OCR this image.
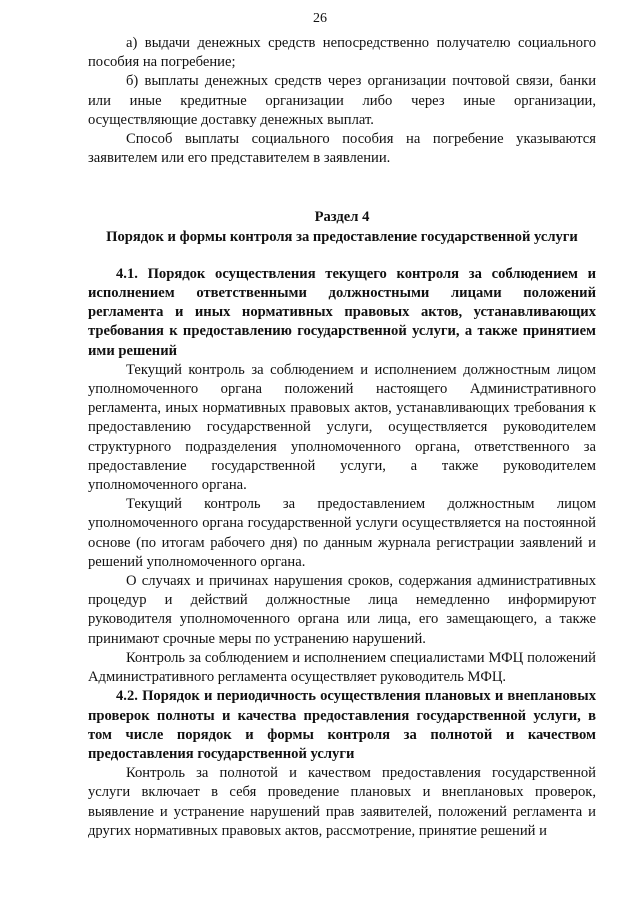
26

а) выдачи денежных средств непосредственно получателю социального пособия на погребение;

б) выплаты денежных средств через организации почтовой связи, банки или иные кредитные организации либо через иные организации, осуществляющие доставку денежных выплат.

Способ выплаты социального пособия на погребение указываются заявителем или его представителем в заявлении.

Раздел 4

Порядок и формы контроля за предоставление государственной услуги

4.1. Порядок осуществления текущего контроля за соблюдением и исполнением ответственными должностными лицами положений регламента и иных нормативных правовых актов, устанавливающих требования к предоставлению государственной услуги, а также принятием ими решений

Текущий контроль за соблюдением и исполнением должностным лицом уполномоченного органа положений настоящего Административного регламента, иных нормативных правовых актов, устанавливающих требования к предоставлению государственной услуги, осуществляется руководителем структурного подразделения уполномоченного органа, ответственного за предоставление государственной услуги, а также руководителем уполномоченного органа.

Текущий контроль за предоставлением должностным лицом уполномоченного органа государственной услуги осуществляется на постоянной основе (по итогам рабочего дня) по данным журнала регистрации заявлений и решений уполномоченного органа.

О случаях и причинах нарушения сроков, содержания административных процедур и действий должностные лица немедленно информируют руководителя уполномоченного органа или лица, его замещающего, а также принимают срочные меры по устранению нарушений.

Контроль за соблюдением и исполнением специалистами МФЦ положений Административного регламента осуществляет руководитель МФЦ.

4.2. Порядок и периодичность осуществления плановых и внеплановых проверок полноты и качества предоставления государственной услуги, в том числе порядок и формы контроля за полнотой и качеством предоставления государственной услуги

Контроль за полнотой и качеством предоставления государственной услуги включает в себя проведение плановых и внеплановых проверок, выявление и устранение нарушений прав заявителей, положений регламента и других нормативных правовых актов, рассмотрение, принятие решений и
